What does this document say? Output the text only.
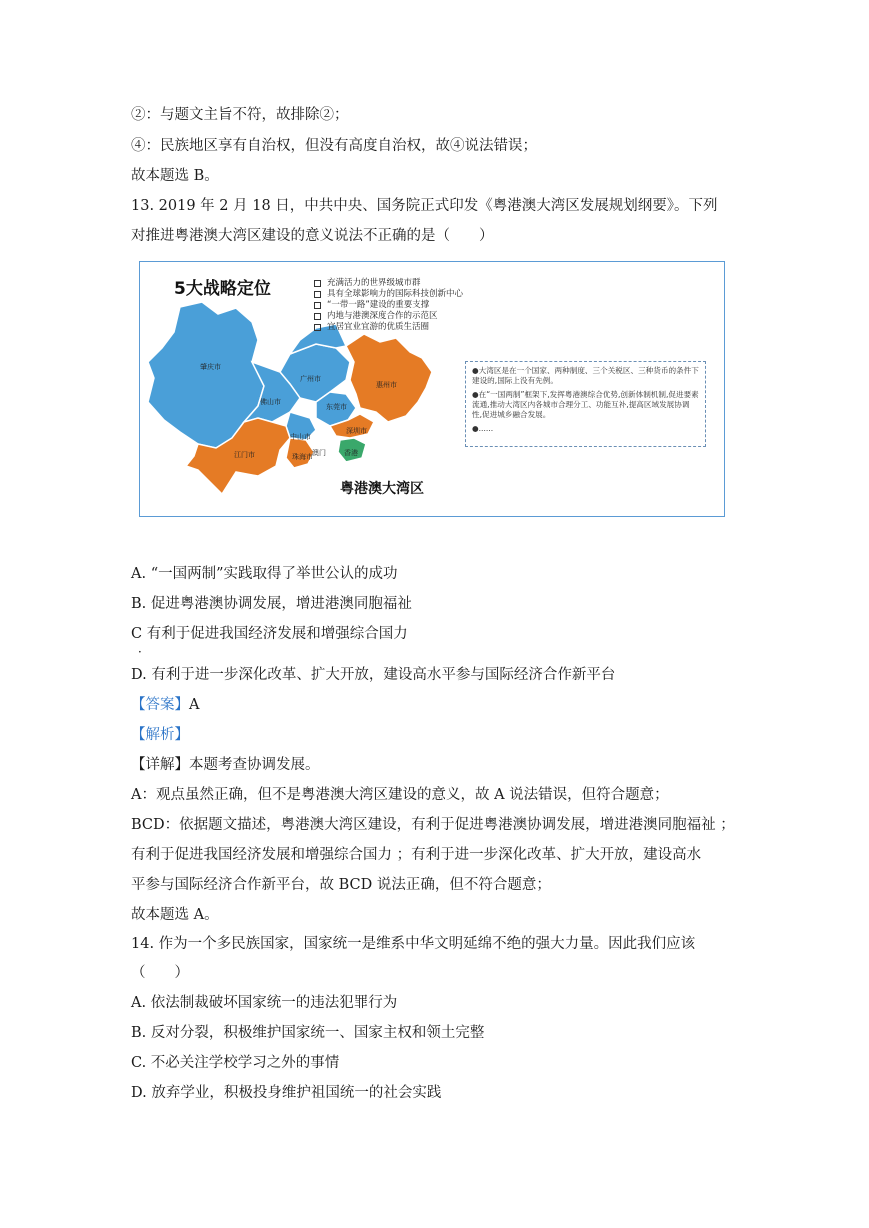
②：与题文主旨不符，故排除②；
④：民族地区享有自治权，但没有高度自治权，故④说法错误；
故本题选 B。
13. 2019 年 2 月 18 日，中共中央、国务院正式印发《粤港澳大湾区发展规划纲要》。下列
对推进粤港澳大湾区建设的意义说法不正确的是（　　）
5大战略定位	充满活力的世界级城市群
具有全球影响力的国际科技创新中心
“一带一路”建设的重要支撑
内地与港澳深度合作的示范区
宜居宜业宜游的优质生活圈
肇庆市
广州市
佛山市
惠州市
东莞市
中山市
江门市
深圳市
珠海市 澳门	香港

●大湾区是在一个国家、两种制度、三个关税区、三种货币的条件下建设的,国际上没有先例。

●在“一国两制”框架下,发挥粤港澳综合优势,创新体制机制,促进要素流通,推动大湾区内各城市合理分工、功能互补,提高区域发展协调性,促进城乡融合发展。

●......

粤港澳大湾区
A. “一国两制”实践取得了举世公认的成功
B. 促进粤港澳协调发展，增进港澳同胞福祉
C 有利于促进我国经济发展和增强综合国力
．
D. 有利于进一步深化改革、扩大开放，建设高水平参与国际经济合作新平台
【答案】A
【解析】
【详解】本题考查协调发展。
A：观点虽然正确，但不是粤港澳大湾区建设的意义，故 A 说法错误，但符合题意；
BCD：依据题文描述，粤港澳大湾区建设，有利于促进粤港澳协调发展，增进港澳同胞福祉 ；
有利于促进我国经济发展和增强综合国力 ；有利于进一步深化改革、扩大开放，建设高水
平参与国际经济合作新平台，故 BCD 说法正确，但不符合题意；
故本题选 A。
14. 作为一个多民族国家，国家统一是维系中华文明延绵不绝的强大力量。因此我们应该
（　　）
A. 依法制裁破坏国家统一的违法犯罪行为
B. 反对分裂，积极维护国家统一、国家主权和领土完整
C. 不必关注学校学习之外的事情
D. 放弃学业，积极投身维护祖国统一的社会实践
